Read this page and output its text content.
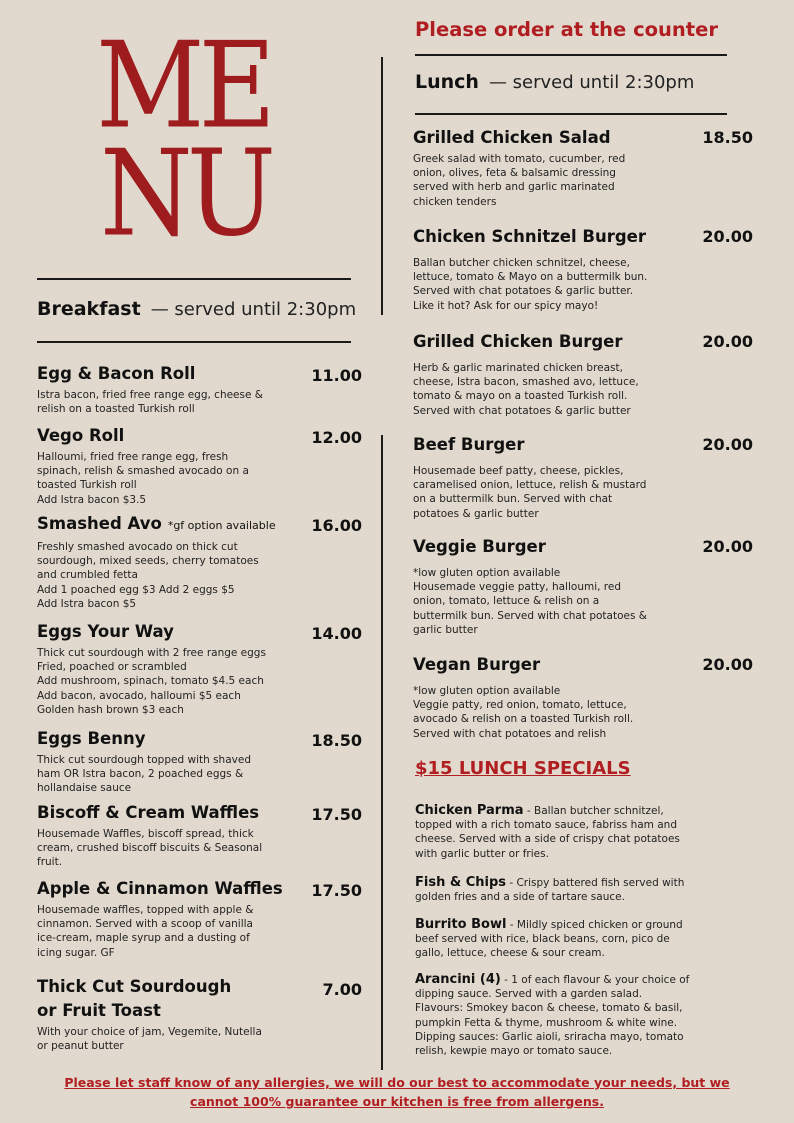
ME
NU
Please order at the counter
Breakfast — served until 2:30pm
Lunch — served until 2:30pm
Egg & Bacon Roll
Istra bacon, fried free range egg, cheese &
relish on a toasted Turkish roll
11.00
Vego Roll
Halloumi, fried free range egg, fresh
spinach, relish & smashed avocado on a
toasted Turkish roll
Add Istra bacon $3.5
12.00
Smashed Avo *gf option available
Freshly smashed avocado on thick cut
sourdough, mixed seeds, cherry tomatoes
and crumbled fetta
Add 1 poached egg $3 Add 2 eggs $5
Add Istra bacon $5
16.00
Eggs Your Way
Thick cut sourdough with 2 free range eggs
Fried, poached or scrambled
Add mushroom, spinach, tomato $4.5 each
Add bacon, avocado, halloumi $5 each
Golden hash brown $3 each
14.00
Eggs Benny
Thick cut sourdough topped with shaved
ham OR Istra bacon, 2 poached eggs &
hollandaise sauce
18.50
Biscoff & Cream Waffles
Housemade Waffles, biscoff spread, thick
cream, crushed biscoff biscuits & Seasonal
fruit.
17.50
Apple & Cinnamon Waffles
Housemade waffles, topped with apple &
cinnamon. Served with a scoop of vanilla
ice-cream, maple syrup and a dusting of
icing sugar. GF
17.50
Thick Cut Sourdough
or Fruit Toast
With your choice of jam, Vegemite, Nutella
or peanut butter
7.00
Grilled Chicken Salad
Greek salad with tomato, cucumber, red
onion, olives, feta & balsamic dressing
served with herb and garlic marinated
chicken tenders
18.50
Chicken Schnitzel Burger
Ballan butcher chicken schnitzel, cheese,
lettuce, tomato & Mayo on a buttermilk bun.
Served with chat potatoes & garlic butter.
Like it hot? Ask for our spicy mayo!
20.00
Grilled Chicken Burger
Herb & garlic marinated chicken breast,
cheese, Istra bacon, smashed avo, lettuce,
tomato & mayo on a toasted Turkish roll.
Served with chat potatoes & garlic butter
20.00
Beef Burger
Housemade beef patty, cheese, pickles,
caramelised onion, lettuce, relish & mustard
on a buttermilk bun. Served with chat
potatoes & garlic butter
20.00
Veggie Burger
*low gluten option available
Housemade veggie patty, halloumi, red
onion, tomato, lettuce & relish on a
buttermilk bun. Served with chat potatoes &
garlic butter
20.00
Vegan Burger
*low gluten option available
Veggie patty, red onion, tomato, lettuce,
avocado & relish on a toasted Turkish roll.
Served with chat potatoes and relish
20.00
$15 LUNCH SPECIALS
Chicken Parma - Ballan butcher schnitzel,
topped with a rich tomato sauce, fabriss ham and
cheese. Served with a side of crispy chat potatoes
with garlic butter or fries.
Fish & Chips - Crispy battered fish served with
golden fries and a side of tartare sauce.
Burrito Bowl - Mildly spiced chicken or ground
beef served with rice, black beans, corn, pico de
gallo, lettuce, cheese & sour cream.
Arancini (4) - 1 of each flavour & your choice of
dipping sauce. Served with a garden salad.
Flavours: Smokey bacon & cheese, tomato & basil,
pumpkin Fetta & thyme, mushroom & white wine.
Dipping sauces: Garlic aioli, sriracha mayo, tomato
relish, kewpie mayo or tomato sauce.
Please let staff know of any allergies, we will do our best to accommodate your needs, but we
cannot 100% guarantee our kitchen is free from allergens.
